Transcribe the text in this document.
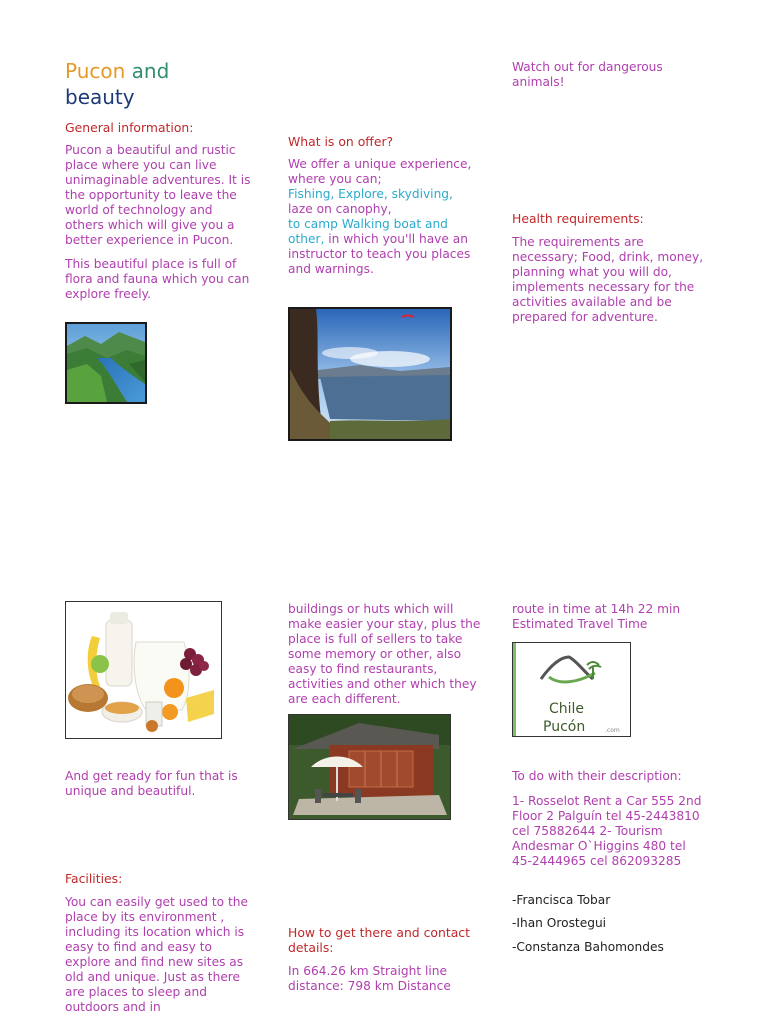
Pucon and
beauty
General information:
Pucon a beautiful and rustic place where you can live unimaginable adventures. It is the opportunity to leave the world of technology and others which will give you a better experience in Pucon.
This beautiful place is full of flora and fauna which you can explore freely.
And get ready for fun that is unique and beautiful.
Facilities:
You can easily get used to the place by its environment , including its location which is easy to find and easy to explore and find new sites as old and unique. Just as there are places to sleep and outdoors and in
What is on offer?
We offer a unique experience, where you can;
Fishing, Explore, skydiving,
laze on canophy,
to camp Walking boat and
other, in which you'll have an instructor to teach you places and warnings.
buildings or huts which will make easier your stay, plus the place is full of sellers to take some memory or other, also easy to find restaurants, activities and other which they are each different.
How to get there and contact details:
In 664.26 km Straight line distance: 798 km Distance
Watch out for dangerous animals!
Health requirements:
The requirements are necessary; Food, drink, money, planning what you will do, implements necessary for the activities available and be prepared for adventure.
route in time at 14h 22 min Estimated Travel Time
Chile
Pucón	.com
To do with their description:
1- Rosselot Rent a Car 555 2nd Floor 2 Palguín tel 45-2443810 cel 75882644 2- Tourism Andesmar O`Higgins 480 tel 45-2444965 cel 862093285
-Francisca Tobar
-Ihan Orostegui
-Constanza Bahomondes
